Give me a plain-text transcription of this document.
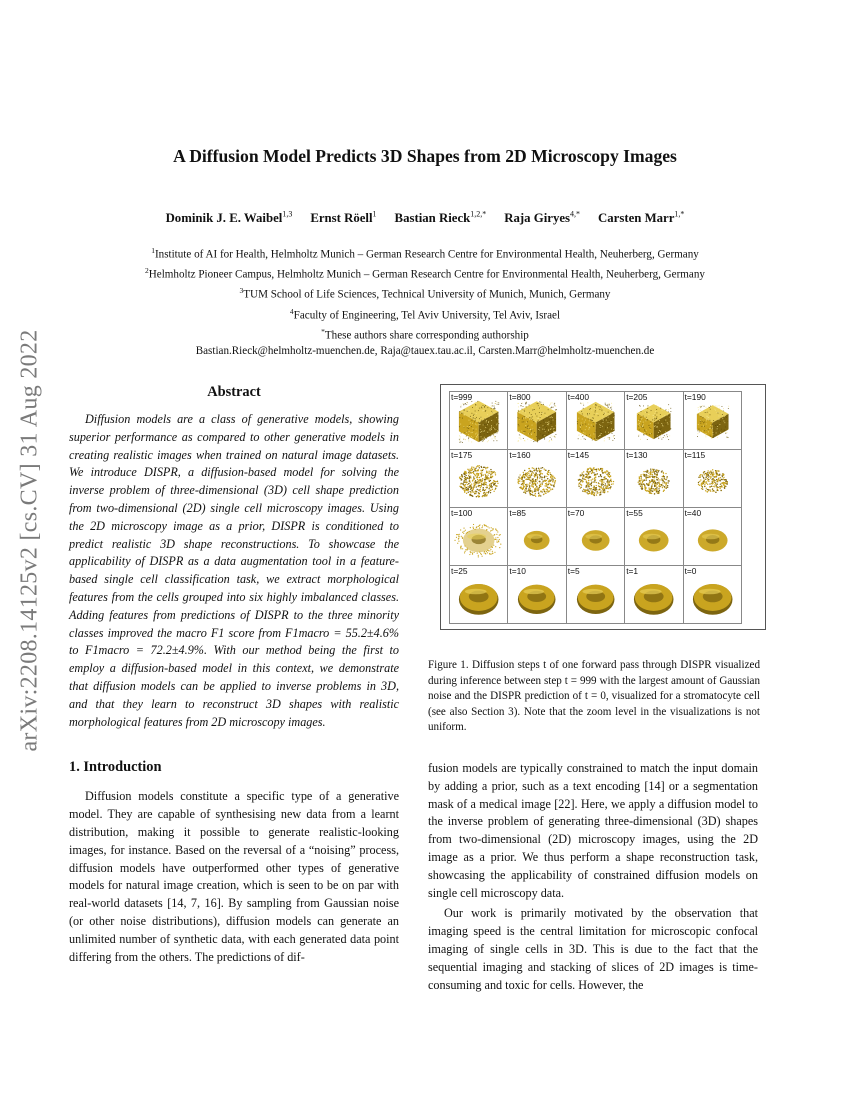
arXiv:2208.14125v2 [cs.CV] 31 Aug 2022
A Diffusion Model Predicts 3D Shapes from 2D Microscopy Images
Dominik J. E. Waibel$^{1,3}$ Ernst Röell$^1$ Bastian Rieck$^{1,2,*}$ Raja Giryes$^{4,*}$ Carsten Marr$^{1,*}$
$^1$Institute of AI for Health, Helmholtz Munich – German Research Centre for Environmental Health, Neuherberg, Germany
$^2$Helmholtz Pioneer Campus, Helmholtz Munich – German Research Centre for Environmental Health, Neuherberg, Germany
$^3$TUM School of Life Sciences, Technical University of Munich, Munich, Germany
$^4$Faculty of Engineering, Tel Aviv University, Tel Aviv, Israel
*These authors share corresponding authorship
Bastian.Rieck@helmholtz-muenchen.de, Raja@tauex.tau.ac.il, Carsten.Marr@helmholtz-muenchen.de
Abstract

Diffusion models are a class of generative models, showing superior performance as compared to other generative models in creating realistic images when trained on natural image datasets. We introduce DISPR, a diffusion-based model for solving the inverse problem of three-dimensional (3D) cell shape prediction from two-dimensional (2D) single cell microscopy images. Using the 2D microscopy image as a prior, DISPR is conditioned to predict realistic 3D shape reconstructions. To showcase the applicability of DISPR as a data augmentation tool in a feature-based single cell classification task, we extract morphological features from the cells grouped into six highly imbalanced classes. Adding features from predictions of DISPR to the three minority classes improved the macro F1 score from F1macro = 55.2±4.6% to F1macro = 72.2±4.9%. With our method being the first to employ a diffusion-based model in this context, we demonstrate that diffusion models can be applied to inverse problems in 3D, and that they learn to reconstruct 3D shapes with realistic morphological features from 2D microscopy images.

1. Introduction

Diffusion models constitute a specific type of a generative model. They are capable of synthesising new data from a learnt distribution, making it possible to generate realistic-looking images, for instance. Based on the reversal of a “noising” process, diffusion models have outperformed other types of generative models for natural image creation, which is seen to be on par with real-world datasets [14, 7, 16]. By sampling from Gaussian noise (or other noise distributions), diffusion models can generate an unlimited number of synthetic data, with each generated data point differing from the others. The predictions of dif-

t=999	t=800	t=400	t=205	t=190
t=175	t=160	t=145	t=130	t=115
t=100	t=85	t=70	t=55	t=40
t=25	t=10	t=5	t=1	t=0

Figure 1. Diffusion steps t of one forward pass through DISPR visualized during inference between step t = 999 with the largest amount of Gaussian noise and the DISPR prediction of t = 0, visualized for a stromatocyte cell (see also Section 3). Note that the zoom level in the visualizations is not uniform.

fusion models are typically constrained to match the input domain by adding a prior, such as a text encoding [14] or a segmentation mask of a medical image [22]. Here, we apply a diffusion model to the inverse problem of generating three-dimensional (3D) shapes from two-dimensional (2D) microscopy images, using the 2D image as a prior. We thus perform a shape reconstruction task, showcasing the applicability of constrained diffusion models on single cell microscopy data.

Our work is primarily motivated by the observation that imaging speed is the central limitation for microscopic confocal imaging of single cells in 3D. This is due to the fact that the sequential imaging and stacking of slices of 2D images is time-consuming and toxic for cells. However, the
